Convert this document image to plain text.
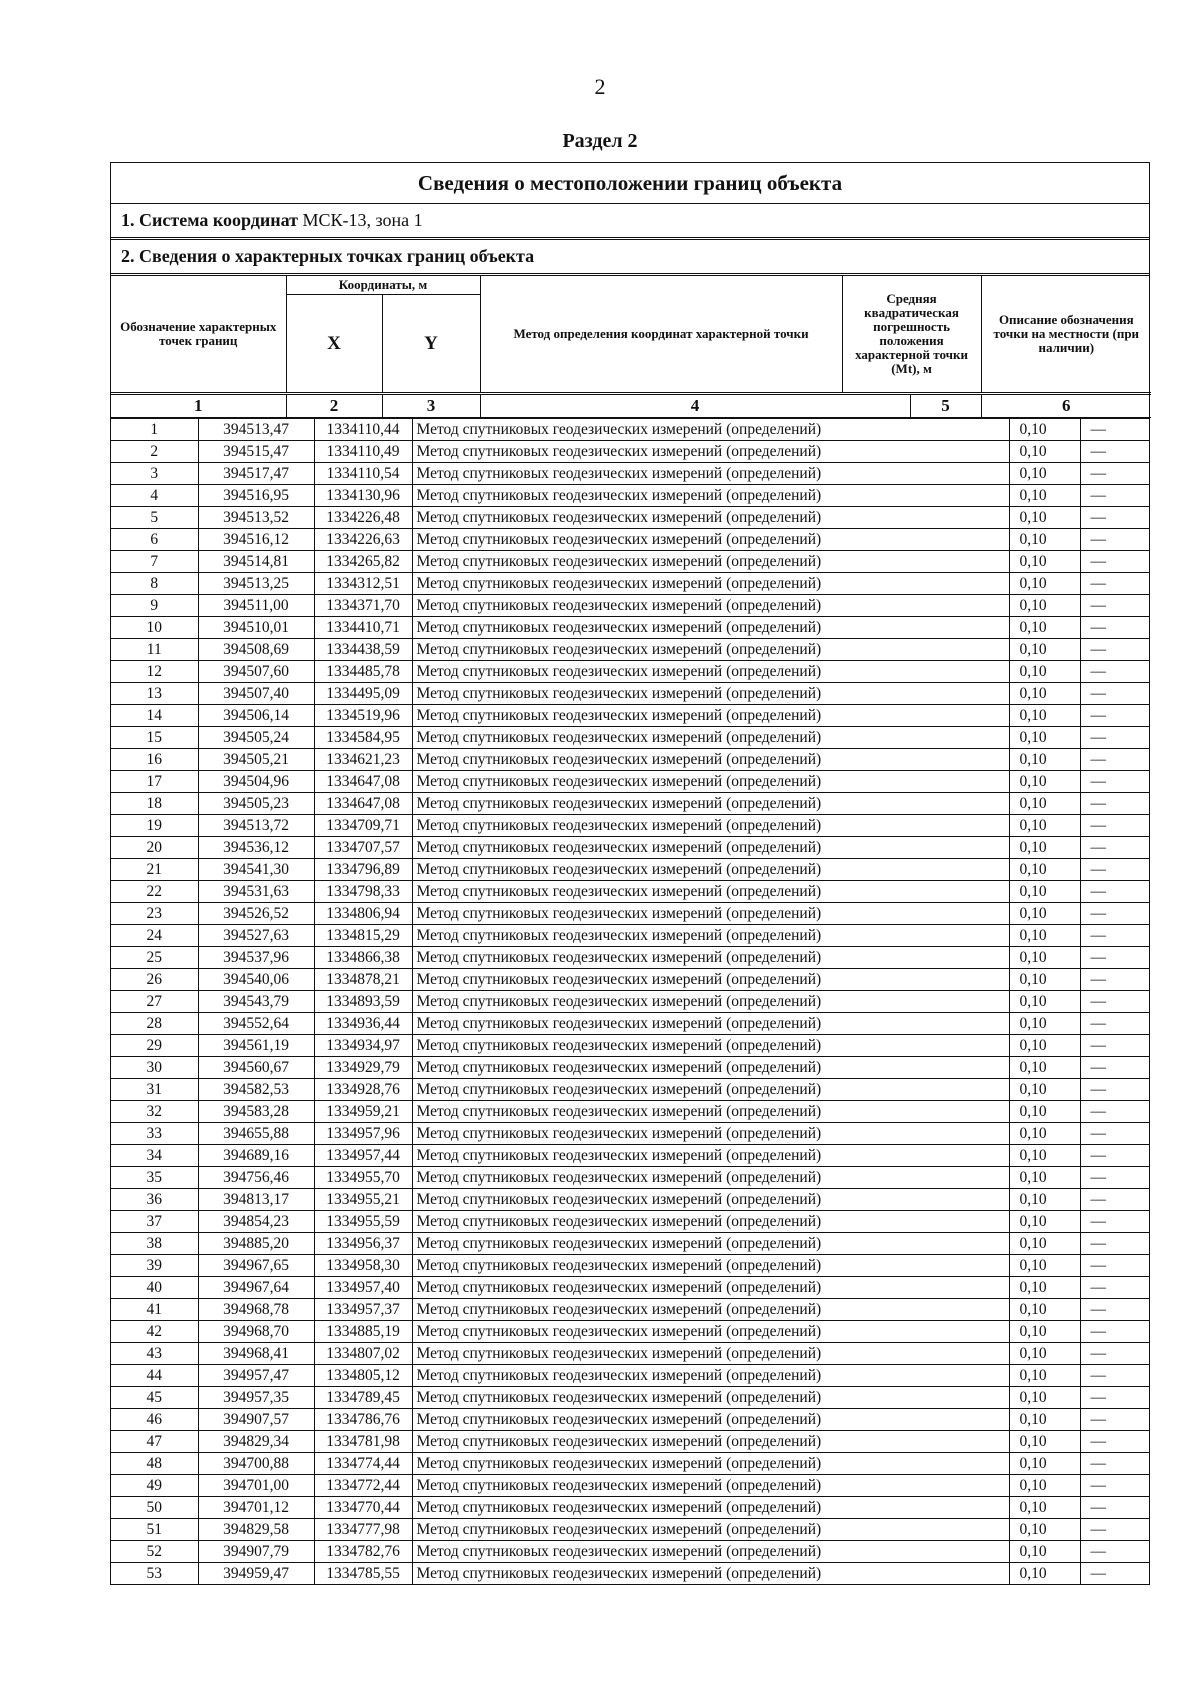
2
Раздел 2
Сведения о местоположении границ объекта
1. Система координат МСК-13, зона 1
2. Сведения о характерных точках границ объекта
Обозначение характерных точек границ	Координаты, м		Метод определения координат характерной точки	Средняя квадратическая погрешность положения характерной точки (Mt), м		Описание обозначения точки на местности (при наличии)
	X	Y				
1	2	3	4		5	6
1	394513,47	1334110,44	Метод спутниковых геодезических измерений (определений)	0,10	—
2	394515,47	1334110,49	Метод спутниковых геодезических измерений (определений)	0,10	—
3	394517,47	1334110,54	Метод спутниковых геодезических измерений (определений)	0,10	—
4	394516,95	1334130,96	Метод спутниковых геодезических измерений (определений)	0,10	—
5	394513,52	1334226,48	Метод спутниковых геодезических измерений (определений)	0,10	—
6	394516,12	1334226,63	Метод спутниковых геодезических измерений (определений)	0,10	—
7	394514,81	1334265,82	Метод спутниковых геодезических измерений (определений)	0,10	—
8	394513,25	1334312,51	Метод спутниковых геодезических измерений (определений)	0,10	—
9	394511,00	1334371,70	Метод спутниковых геодезических измерений (определений)	0,10	—
10	394510,01	1334410,71	Метод спутниковых геодезических измерений (определений)	0,10	—
11	394508,69	1334438,59	Метод спутниковых геодезических измерений (определений)	0,10	—
12	394507,60	1334485,78	Метод спутниковых геодезических измерений (определений)	0,10	—
13	394507,40	1334495,09	Метод спутниковых геодезических измерений (определений)	0,10	—
14	394506,14	1334519,96	Метод спутниковых геодезических измерений (определений)	0,10	—
15	394505,24	1334584,95	Метод спутниковых геодезических измерений (определений)	0,10	—
16	394505,21	1334621,23	Метод спутниковых геодезических измерений (определений)	0,10	—
17	394504,96	1334647,08	Метод спутниковых геодезических измерений (определений)	0,10	—
18	394505,23	1334647,08	Метод спутниковых геодезических измерений (определений)	0,10	—
19	394513,72	1334709,71	Метод спутниковых геодезических измерений (определений)	0,10	—
20	394536,12	1334707,57	Метод спутниковых геодезических измерений (определений)	0,10	—
21	394541,30	1334796,89	Метод спутниковых геодезических измерений (определений)	0,10	—
22	394531,63	1334798,33	Метод спутниковых геодезических измерений (определений)	0,10	—
23	394526,52	1334806,94	Метод спутниковых геодезических измерений (определений)	0,10	—
24	394527,63	1334815,29	Метод спутниковых геодезических измерений (определений)	0,10	—
25	394537,96	1334866,38	Метод спутниковых геодезических измерений (определений)	0,10	—
26	394540,06	1334878,21	Метод спутниковых геодезических измерений (определений)	0,10	—
27	394543,79	1334893,59	Метод спутниковых геодезических измерений (определений)	0,10	—
28	394552,64	1334936,44	Метод спутниковых геодезических измерений (определений)	0,10	—
29	394561,19	1334934,97	Метод спутниковых геодезических измерений (определений)	0,10	—
30	394560,67	1334929,79	Метод спутниковых геодезических измерений (определений)	0,10	—
31	394582,53	1334928,76	Метод спутниковых геодезических измерений (определений)	0,10	—
32	394583,28	1334959,21	Метод спутниковых геодезических измерений (определений)	0,10	—
33	394655,88	1334957,96	Метод спутниковых геодезических измерений (определений)	0,10	—
34	394689,16	1334957,44	Метод спутниковых геодезических измерений (определений)	0,10	—
35	394756,46	1334955,70	Метод спутниковых геодезических измерений (определений)	0,10	—
36	394813,17	1334955,21	Метод спутниковых геодезических измерений (определений)	0,10	—
37	394854,23	1334955,59	Метод спутниковых геодезических измерений (определений)	0,10	—
38	394885,20	1334956,37	Метод спутниковых геодезических измерений (определений)	0,10	—
39	394967,65	1334958,30	Метод спутниковых геодезических измерений (определений)	0,10	—
40	394967,64	1334957,40	Метод спутниковых геодезических измерений (определений)	0,10	—
41	394968,78	1334957,37	Метод спутниковых геодезических измерений (определений)	0,10	—
42	394968,70	1334885,19	Метод спутниковых геодезических измерений (определений)	0,10	—
43	394968,41	1334807,02	Метод спутниковых геодезических измерений (определений)	0,10	—
44	394957,47	1334805,12	Метод спутниковых геодезических измерений (определений)	0,10	—
45	394957,35	1334789,45	Метод спутниковых геодезических измерений (определений)	0,10	—
46	394907,57	1334786,76	Метод спутниковых геодезических измерений (определений)	0,10	—
47	394829,34	1334781,98	Метод спутниковых геодезических измерений (определений)	0,10	—
48	394700,88	1334774,44	Метод спутниковых геодезических измерений (определений)	0,10	—
49	394701,00	1334772,44	Метод спутниковых геодезических измерений (определений)	0,10	—
50	394701,12	1334770,44	Метод спутниковых геодезических измерений (определений)	0,10	—
51	394829,58	1334777,98	Метод спутниковых геодезических измерений (определений)	0,10	—
52	394907,79	1334782,76	Метод спутниковых геодезических измерений (определений)	0,10	—
53	394959,47	1334785,55	Метод спутниковых геодезических измерений (определений)	0,10	—
